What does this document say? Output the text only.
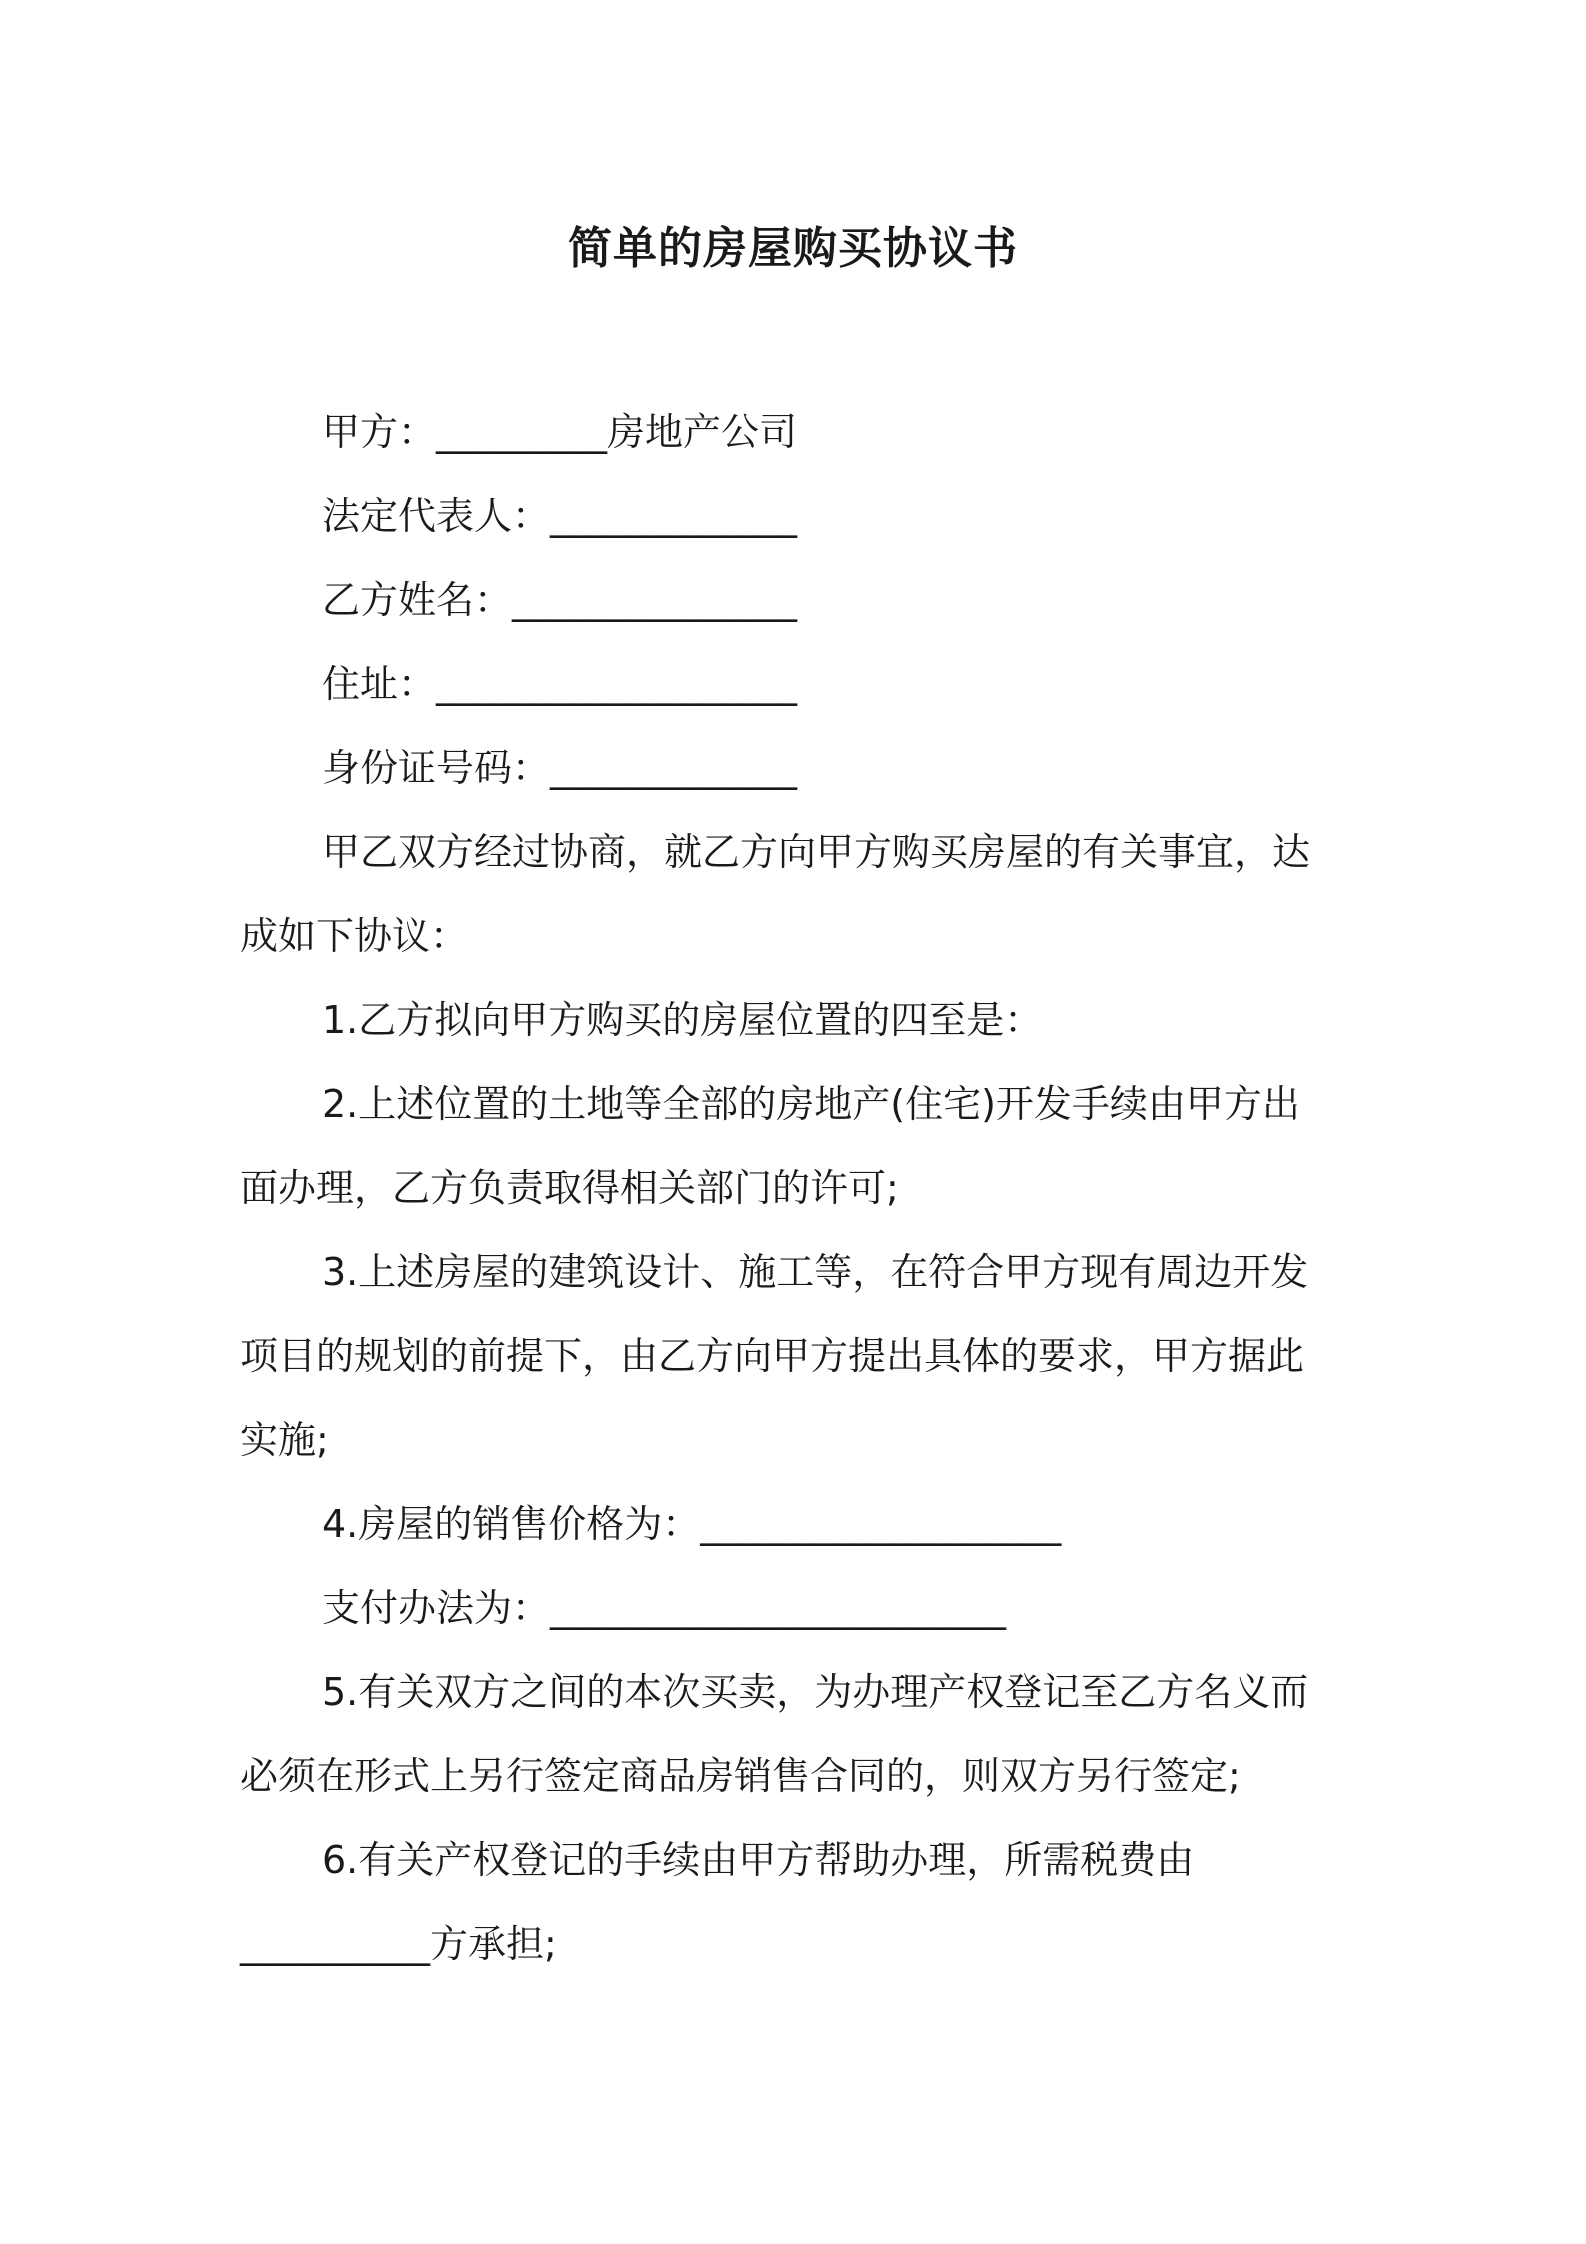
简单的房屋购买协议书
甲方：_________房地产公司
法定代表人：_____________
乙方姓名：_______________
住址：___________________
身份证号码：_____________
甲乙双方经过协商，就乙方向甲方购买房屋的有关事宜，达
成如下协议：
1.乙方拟向甲方购买的房屋位置的四至是：
2.上述位置的土地等全部的房地产(住宅)开发手续由甲方出
面办理，乙方负责取得相关部门的许可;
3.上述房屋的建筑设计、施工等，在符合甲方现有周边开发
项目的规划的前提下，由乙方向甲方提出具体的要求，甲方据此
实施;
4.房屋的销售价格为：___________________
支付办法为：________________________
5.有关双方之间的本次买卖，为办理产权登记至乙方名义而
必须在形式上另行签定商品房销售合同的，则双方另行签定;
6.有关产权登记的手续由甲方帮助办理，所需税费由
__________方承担;
